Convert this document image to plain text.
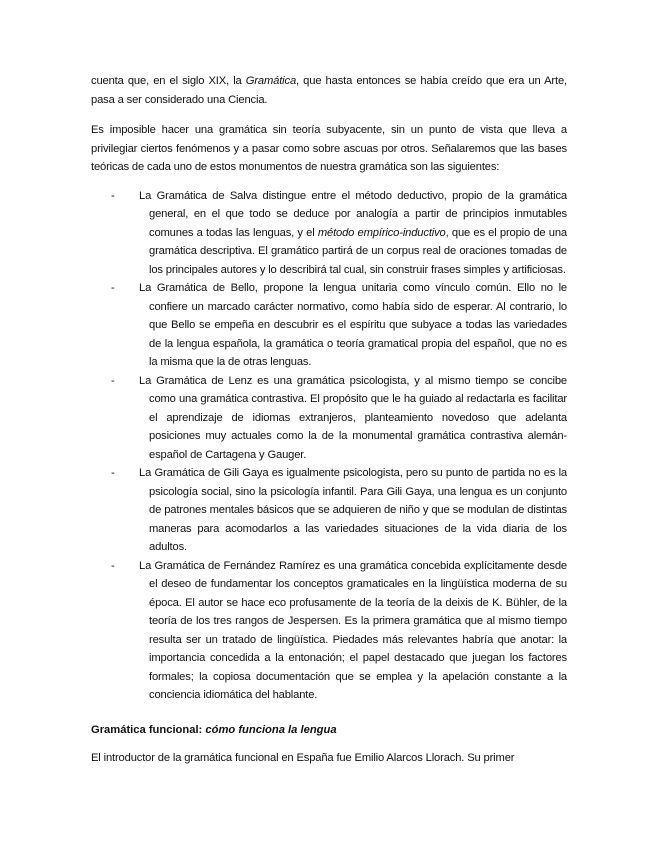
cuenta que, en el siglo XIX, la Gramática, que hasta entonces se había creído que era un Arte, pasa a ser considerado una Ciencia.

Es imposible hacer una gramática sin teoría subyacente, sin un punto de vista que lleva a privilegiar ciertos fenómenos y a pasar como sobre ascuas por otros. Señalaremos que las bases teóricas de cada uno de estos monumentos de nuestra gramática son las siguientes:

- La Gramática de Salva distingue entre el método deductivo, propio de la gramática general, en el que todo se deduce por analogía a partir de principios inmutables comunes a todas las lenguas, y el método empírico-inductivo, que es el propio de una gramática descriptiva. El gramático partirá de un corpus real de oraciones tomadas de los principales autores y lo describirá tal cual, sin construir frases simples y artificiosas.
- La Gramática de Bello, propone la lengua unitaria como vínculo común. Ello no le confiere un marcado carácter normativo, como había sido de esperar. Al contrario, lo que Bello se empeña en descubrir es el espíritu que subyace a todas las variedades de la lengua española, la gramática o teoría gramatical propia del español, que no es la misma que la de otras lenguas.
- La Gramática de Lenz es una gramática psicologista, y al mismo tiempo se concibe como una gramática contrastiva. El propósito que le ha guiado al redactarla es facilitar el aprendizaje de idiomas extranjeros, planteamiento novedoso que adelanta posiciones muy actuales como la de la monumental gramática contrastiva alemán-español de Cartagena y Gauger.
- La Gramática de Gili Gaya es igualmente psicologista, pero su punto de partida no es la psicología social, sino la psicología infantil. Para Gili Gaya, una lengua es un conjunto de patrones mentales básicos que se adquieren de niño y que se modulan de distintas maneras para acomodarlos a las variedades situaciones de la vida diaria de los adultos.
- La Gramática de Fernández Ramírez es una gramática concebida explícitamente desde el deseo de fundamentar los conceptos gramaticales en la lingüística moderna de su época. El autor se hace eco profusamente de la teoría de la deixis de K. Bühler, de la teoría de los tres rangos de Jespersen. Es la primera gramática que al mismo tiempo resulta ser un tratado de lingüística. Piedades más relevantes habría que anotar: la importancia concedida a la entonación; el papel destacado que juegan los factores formales; la copiosa documentación que se emplea y la apelación constante a la conciencia idiomática del hablante.

Gramática funcional: cómo funciona la lengua

El introductor de la gramática funcional en España fue Emilio Alarcos Llorach. Su primer
